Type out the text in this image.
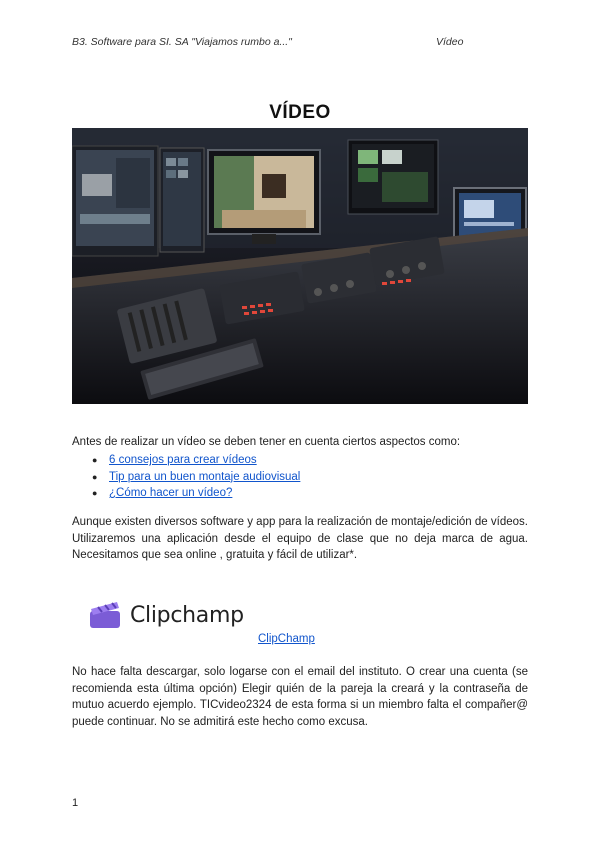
B3. Software para SI. SA "Viajamos rumbo a..."	Vídeo
VÍDEO
Antes de realizar un vídeo se deben tener en cuenta ciertos aspectos como:
● 6 consejos para crear vídeos
● Tip para un buen montaje audiovisual
● ¿Cómo hacer un vídeo?

Aunque existen diversos software y app para la realización de montaje/edición de vídeos. Utilizaremos una aplicación desde el equipo de clase que no deja marca de agua. Necesitamos que sea online , gratuita y fácil de utilizar*.

Clipchamp
ClipChamp

No hace falta descargar, solo logarse con el email del instituto. O crear una cuenta (se recomienda esta última opción) Elegir quién de la pareja la creará y la contraseña de mutuo acuerdo ejemplo. TICvideo2324 de esta forma si un miembro falta el compañer@ puede continuar. No se admitirá este hecho como excusa.

1
